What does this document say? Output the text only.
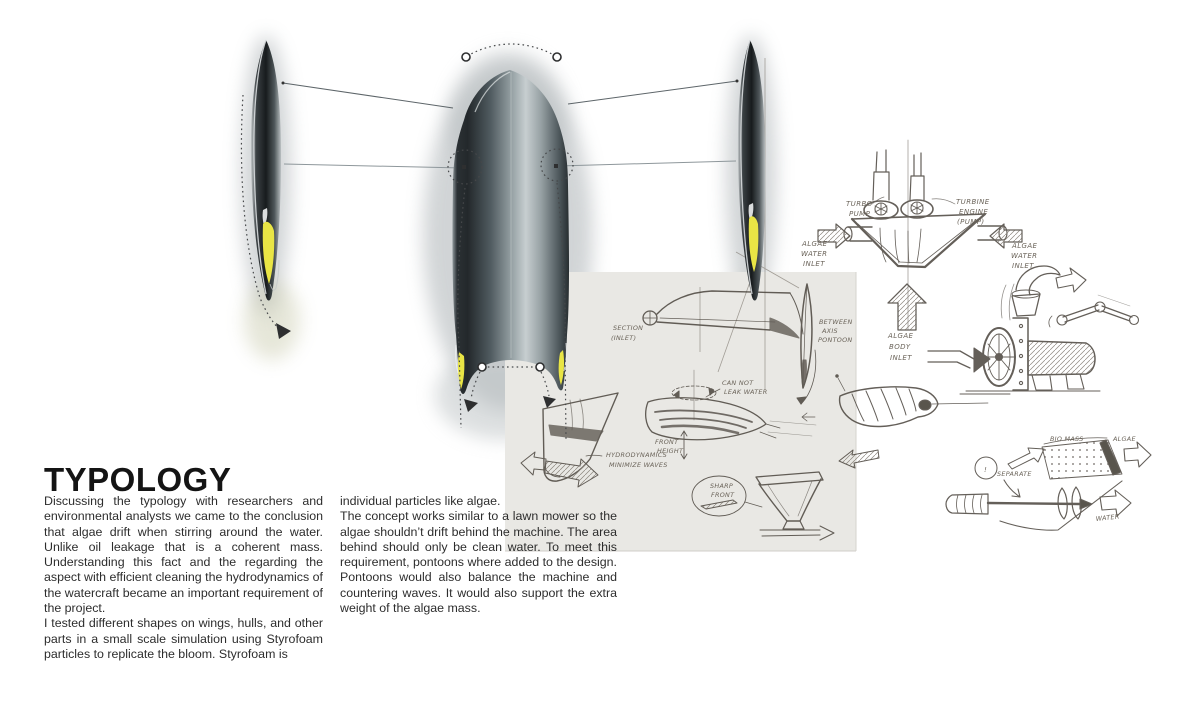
TURBO
PUMP
TURBINE
ENGINE
(PUMP)
ALGAE
WATER
INLET
ALGAE
WATER
INLET
ALGAE
BODY
INLET
SECTION
(INLET)
BETWEEN
AXIS
PONTOON
CAN NOT
LEAK WATER
FRONT
HEIGHT
HYDRODYNAMICS
MINIMIZE WAVES
SHARP
FRONT
BIO MASS	ALGAE
SEPARATE
!
WATER
TYPOLOGY

Discussing the typology with researchers and environmental analysts we came to the conclusion that algae drift when stirring around the water. Unlike oil leakage that is a coherent mass. Understanding this fact and the regarding the aspect with efficient cleaning the hydrodynamics of the watercraft became an important requirement of the project.

I tested different shapes on wings, hulls, and other parts in a small scale simulation using Styrofoam particles to replicate the bloom. Styrofoam is

individual particles like algae.

The concept works similar to a lawn mower so the algae shouldn’t drift behind the machine. The area behind should only be clean water. To meet this requirement, pontoons where added to the design. Pontoons would also balance the machine and countering waves. It would also support the extra weight of the algae mass.
